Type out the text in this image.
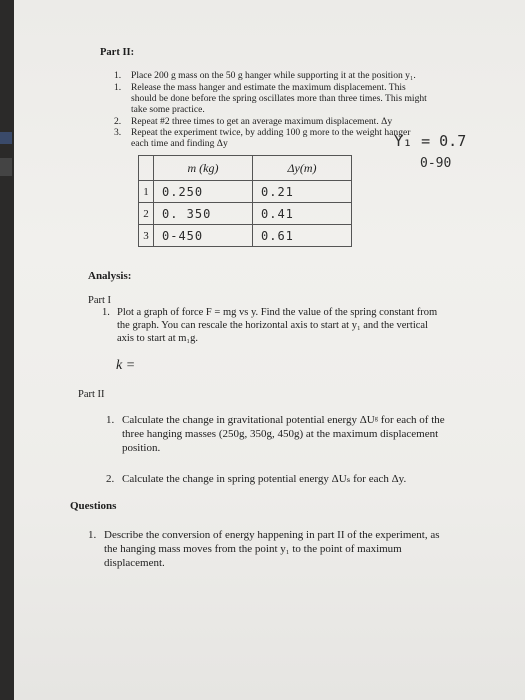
Part II:
1. Place 200 g mass on the 50 g hanger while supporting it at the position y₁.
1. Release the mass hanger and estimate the maximum displacement. This
should be done before the spring oscillates more than three times. This might
take some practice.
2. Repeat #2 three times to get an average maximum displacement. Δy
3. Repeat the experiment twice, by adding 100 g more to the weight hanger
each time and finding Δy	Y₁ = 0.7
0-90
	m (kg)	Δy(m)
1	0.250	0.21
2	0. 350	0.41
3	0-450	0.61
Analysis:
Part I
1. Plot a graph of force F = mg vs y. Find the value of the spring constant from
the graph. You can rescale the horizontal axis to start at y₁ and the vertical
axis to start at m₁g.
k =
Part II
1. Calculate the change in gravitational potential energy ΔUᵍ for each of the
three hanging masses (250g, 350g, 450g) at the maximum displacement
position.
2. Calculate the change in spring potential energy ΔUₛ for each Δy.
Questions
1. Describe the conversion of energy happening in part II of the experiment, as
the hanging mass moves from the point y₁ to the point of maximum
displacement.
